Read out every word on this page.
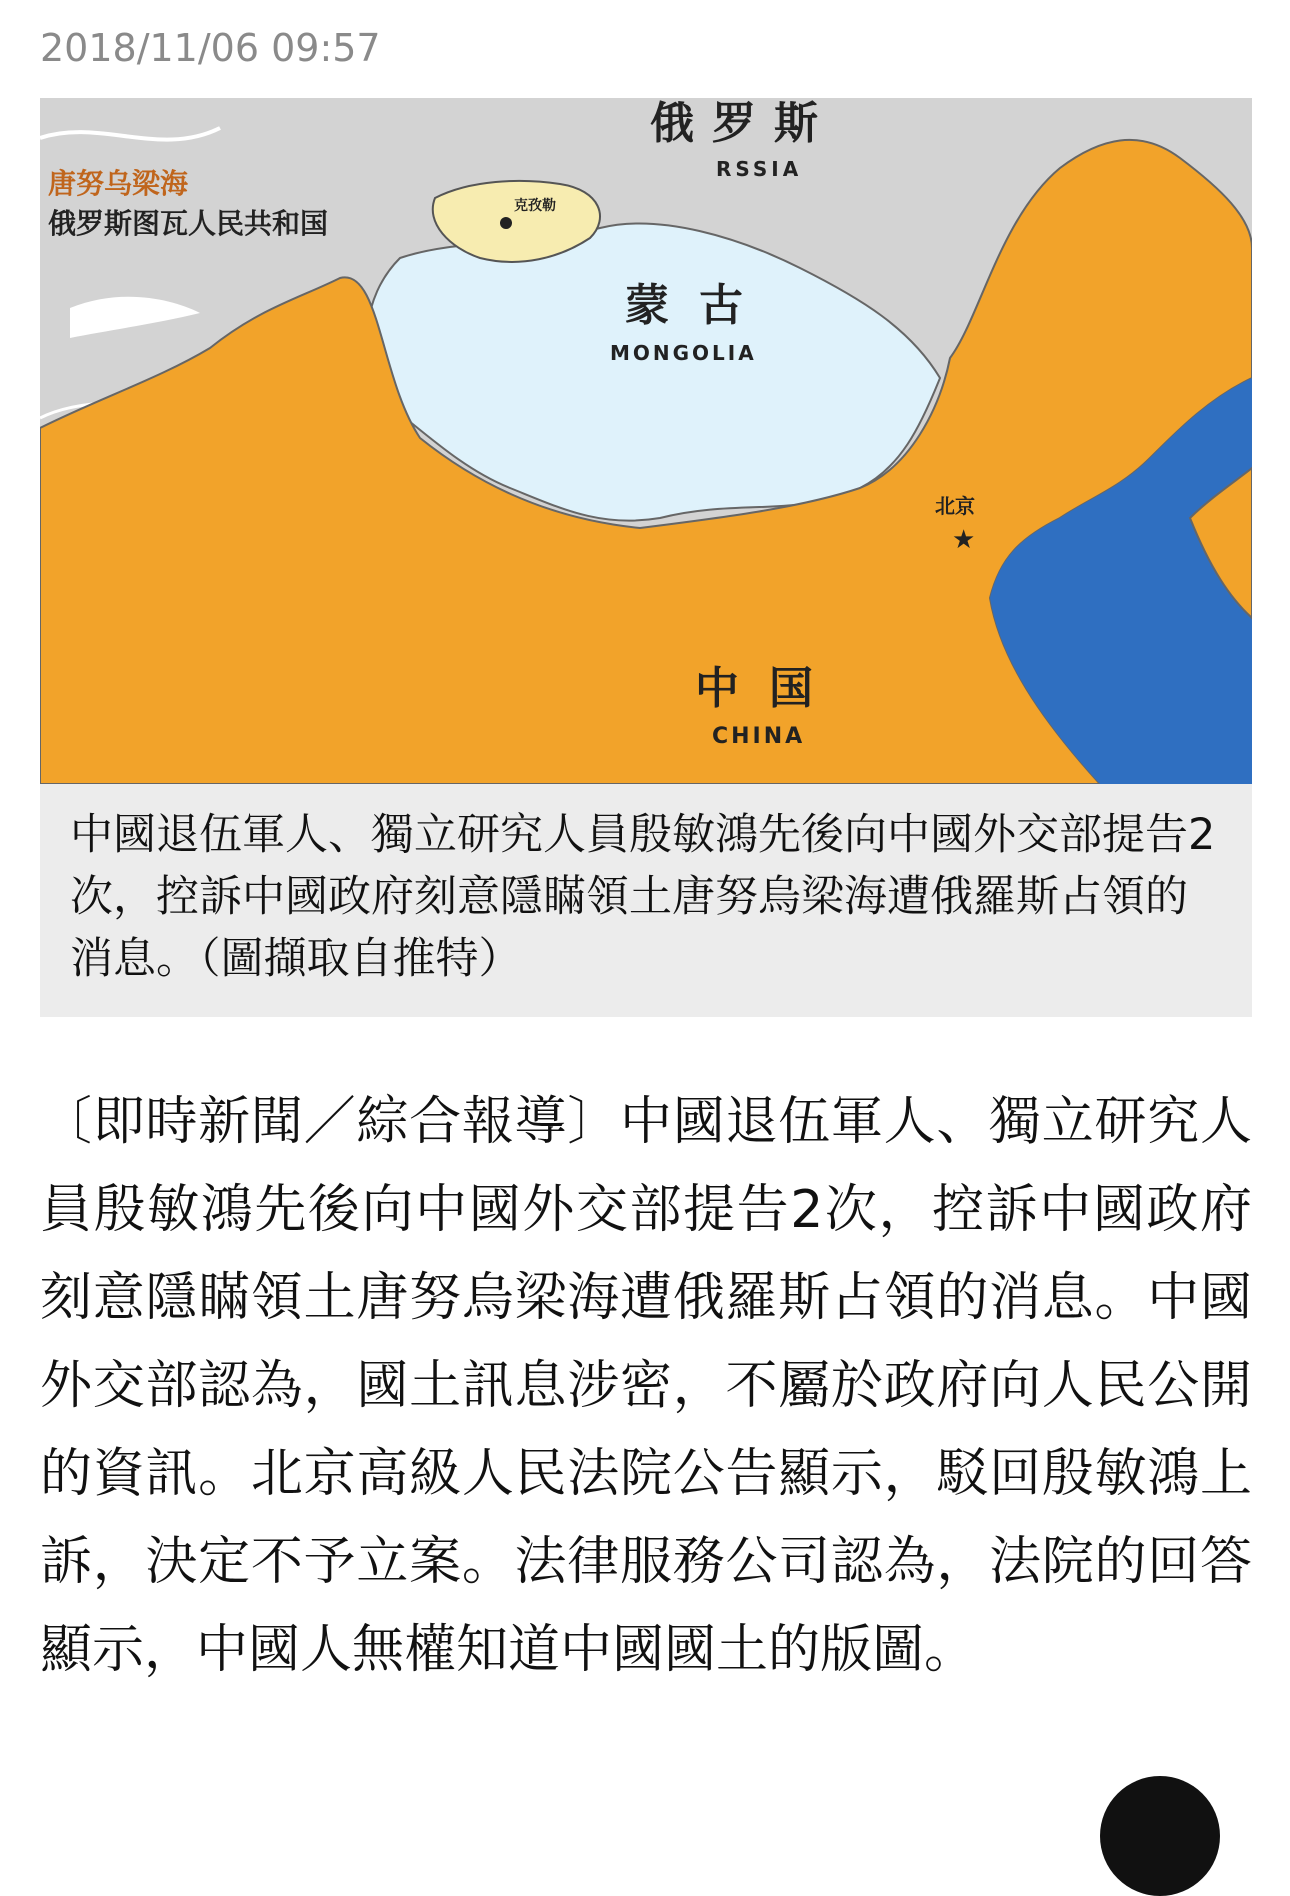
2018/11/06 09:57
俄罗斯
RSSIA
唐努乌梁海
俄罗斯图瓦人民共和国
克孜勒
蒙古
MONGOLIA
北京
★
中国
CHINA
中國退伍軍人、獨立研究人員殷敏鴻先後向中國外交部提告2次，控訴中國政府刻意隱瞞領土唐努烏梁海遭俄羅斯占領的消息。（圖擷取自推特）
〔即時新聞／綜合報導〕中國退伍軍人、獨立研究人員殷敏鴻先後向中國外交部提告2次，控訴中國政府刻意隱瞞領土唐努烏梁海遭俄羅斯占領的消息。中國外交部認為，國土訊息涉密，不屬於政府向人民公開的資訊。北京高級人民法院公告顯示，駁回殷敏鴻上訴，決定不予立案。法律服務公司認為，法院的回答顯示，中國人無權知道中國國土的版圖。
